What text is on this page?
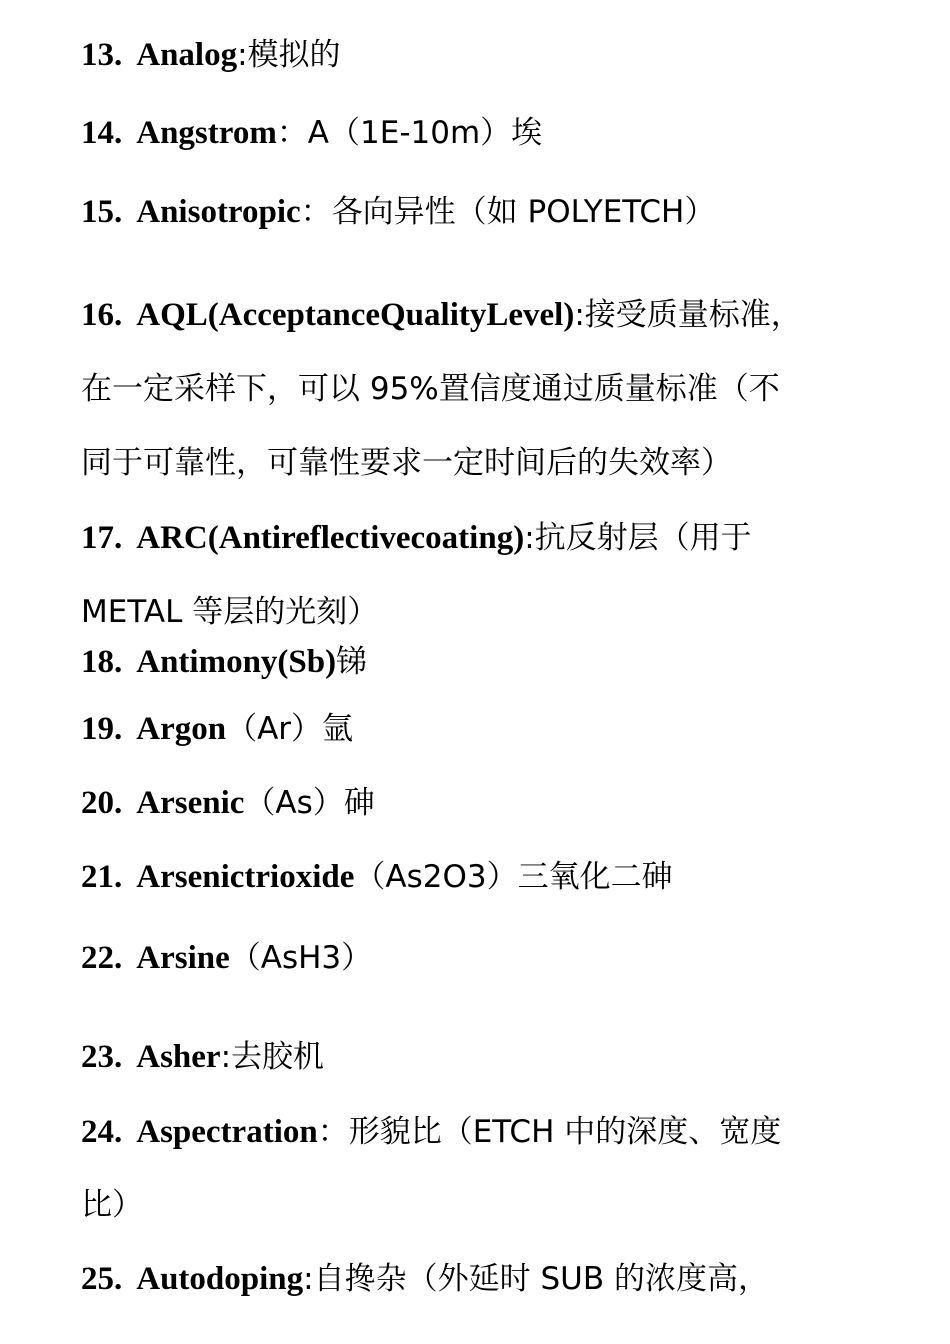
13. Analog:模拟的
14. Angstrom：A（1E-10m）埃
15. Anisotropic：各向异性（如 POLYETCH）
16. AQL(AcceptanceQualityLevel):接受质量标准，
在一定采样下，可以 95%置信度通过质量标准（不
同于可靠性，可靠性要求一定时间后的失效率）
17. ARC(Antireflectivecoating):抗反射层（用于
METAL 等层的光刻）
18. Antimony(Sb)锑
19. Argon（Ar）氩
20. Arsenic（As）砷
21. Arsenictrioxide（As2O3）三氧化二砷
22. Arsine（AsH3）
23. Asher:去胶机
24. Aspectration：形貌比（ETCH 中的深度、宽度
比）
25. Autodoping:自搀杂（外延时 SUB 的浓度高，
